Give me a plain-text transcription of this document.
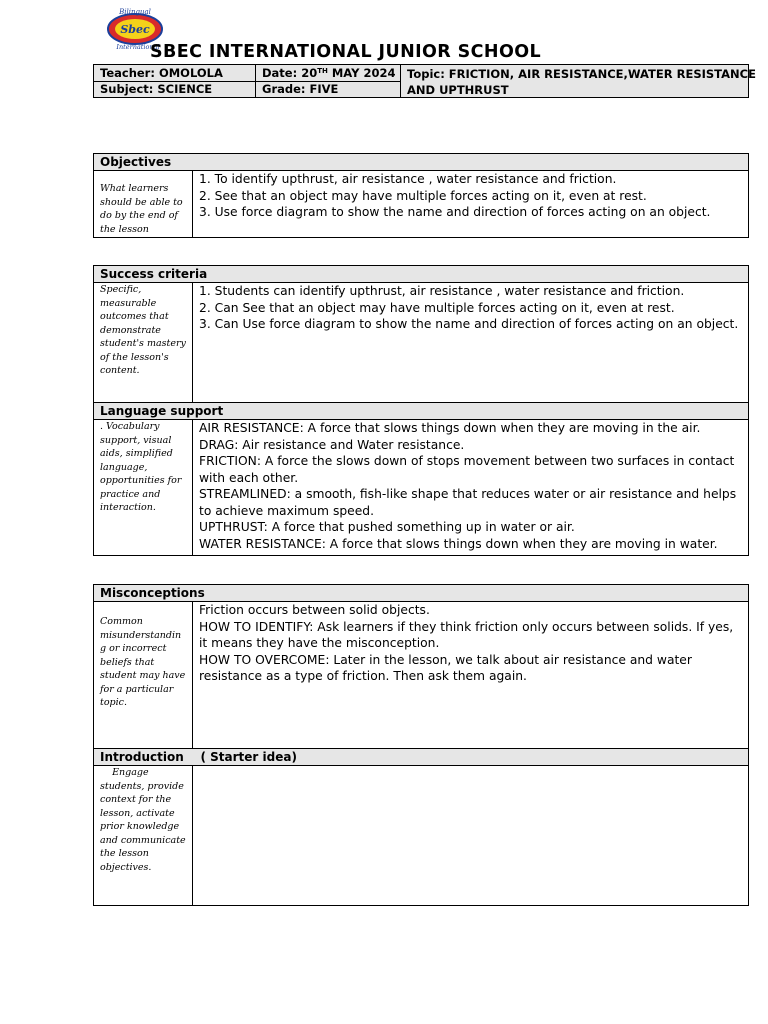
Sbec
Bilingual
International
SBEC INTERNATIONAL JUNIOR SCHOOL
Teacher: OMOLOLA	Date: 20TH MAY 2024	Topic: FRICTION, AIR RESISTANCE,WATER RESISTANCE
AND UPTHRUST
Subject: SCIENCE	Grade: FIVE
Objectives
What learners should be able to do by the end of the lesson
1. To identify upthrust, air resistance , water resistance and friction.
2. See that an object may have multiple forces acting on it, even at rest.
3. Use force diagram to show the name and direction of forces acting on an object.
Success criteria
Specific, measurable outcomes that demonstrate student's mastery of the lesson's content.
1. Students can identify upthrust, air resistance , water resistance and friction.
2. Can See that an object may have multiple forces acting on it, even at rest.
3. Can Use force diagram to show the name and direction of forces acting on an object.
Language support
. Vocabulary support, visual aids, simplified language, opportunities for practice and interaction.
AIR RESISTANCE: A force that slows things down when they are moving in the air.
DRAG: Air resistance and Water resistance.
FRICTION: A force the slows down of stops movement between two surfaces in contact with each other.
STREAMLINED: a smooth, fish-like shape that reduces water or air resistance and helps to achieve maximum speed.
UPTHRUST: A force that pushed something up in water or air.
WATER RESISTANCE: A force that slows things down when they are moving in water.
Misconceptions
Common misunderstandin g or incorrect beliefs that student may have for a particular topic.
Friction occurs between solid objects.
HOW TO IDENTIFY: Ask learners if they think friction only occurs between solids. If yes, it means they have the misconception.
HOW TO OVERCOME: Later in the lesson, we talk about air resistance and water resistance as a type of friction. Then ask them again.
Introduction    ( Starter idea)
Engage students, provide context for the lesson, activate prior knowledge and communicate the lesson objectives.
